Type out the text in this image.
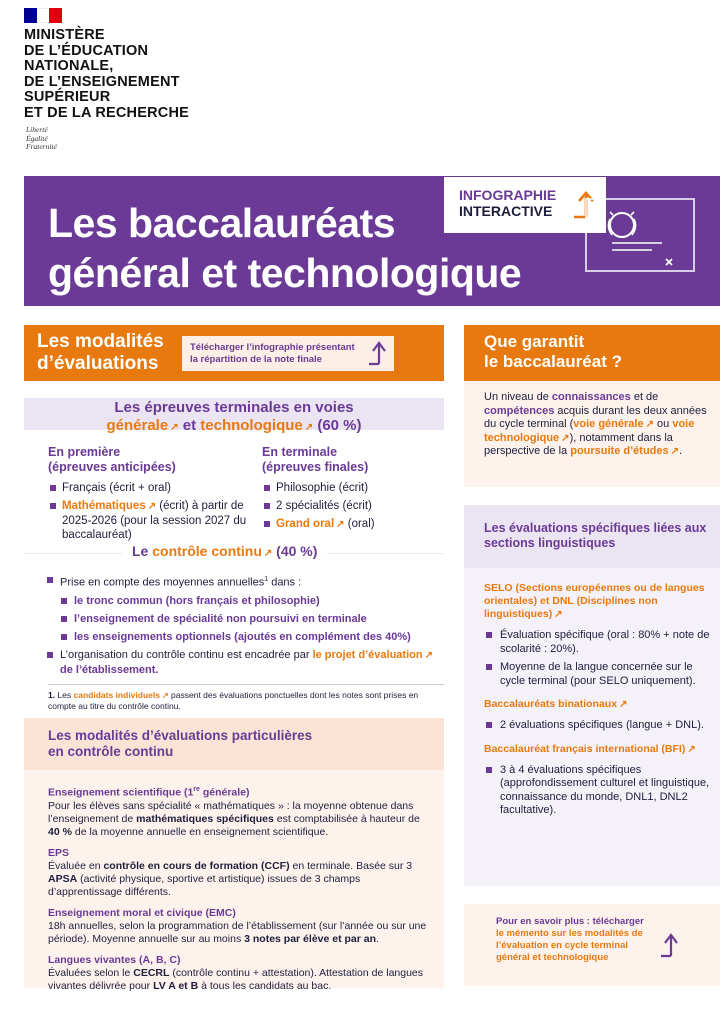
MINISTÈRE
DE L’ÉDUCATION
NATIONALE,
DE L’ENSEIGNEMENT
SUPÉRIEUR
ET DE LA RECHERCHE
Liberté
Égalité
Fraternité
Les baccalauréats
général et technologique
INFOGRAPHIE
INTERACTIVE
Les modalités
d’évaluations
Télécharger l’infographie présentant
la répartition de la note finale
Les épreuves terminales en voies
générale ↗ et technologique ↗ (60 %)
En première
(épreuves anticipées)
Français (écrit + oral)
Mathématiques ↗ (écrit) à partir de 2025-2026 (pour la session 2027 du baccalauréat)
En terminale
(épreuves finales)
Philosophie (écrit)
2 spécialités (écrit)
Grand oral ↗ (oral)
Le contrôle continu ↗ (40 %)
Prise en compte des moyennes annuelles$^1$ dans :
le tronc commun (hors français et philosophie)
l’enseignement de spécialité non poursuivi en terminale
les enseignements optionnels (ajoutés en complément des 40%)
L’organisation du contrôle continu est encadrée par le projet d’évaluation ↗ de l’établissement.
1. Les candidats individuels ↗ passent des évaluations ponctuelles dont les notes sont prises en compte au titre du contrôle continu.
Les modalités d’évaluations particulières
en contrôle continu
Enseignement scientifique (1re générale)
Pour les élèves sans spécialité « mathématiques » : la moyenne obtenue dans l’enseignement de mathématiques spécifiques est comptabilisée à hauteur de 40 % de la moyenne annuelle en enseignement scientifique.
EPS
Évaluée en contrôle en cours de formation (CCF) en terminale. Basée sur 3 APSA (activité physique, sportive et artistique) issues de 3 champs d’apprentissage différents.
Enseignement moral et civique (EMC)
18h annuelles, selon la programmation de l’établissement (sur l’année ou sur une période). Moyenne annuelle sur au moins 3 notes par élève et par an.
Langues vivantes (A, B, C)
Évaluées selon le CECRL (contrôle continu + attestation). Attestation de langues vivantes délivrée pour LV A et B à tous les candidats au bac.
Que garantit
le baccalauréat ?
Un niveau de connaissances et de compétences acquis durant les deux années du cycle terminal (voie générale ↗ ou voie technologique ↗), notamment dans la perspective de la poursuite d’études ↗.
Les évaluations spécifiques liées aux sections linguistiques
SELO (Sections européennes ou de langues orientales) et DNL (Disciplines non linguistiques) ↗
Évaluation spécifique (oral : 80% + note de scolarité : 20%).
Moyenne de la langue concernée sur le cycle terminal (pour SELO uniquement).
Baccalauréats binationaux ↗
2 évaluations spécifiques (langue + DNL).
Baccalauréat français international (BFI) ↗
3 à 4 évaluations spécifiques (approfondissement culturel et linguistique, connaissance du monde, DNL1, DNL2 facultative).
Pour en savoir plus : télécharger
le mémento sur les modalités de l’évaluation en cycle terminal général et technologique
